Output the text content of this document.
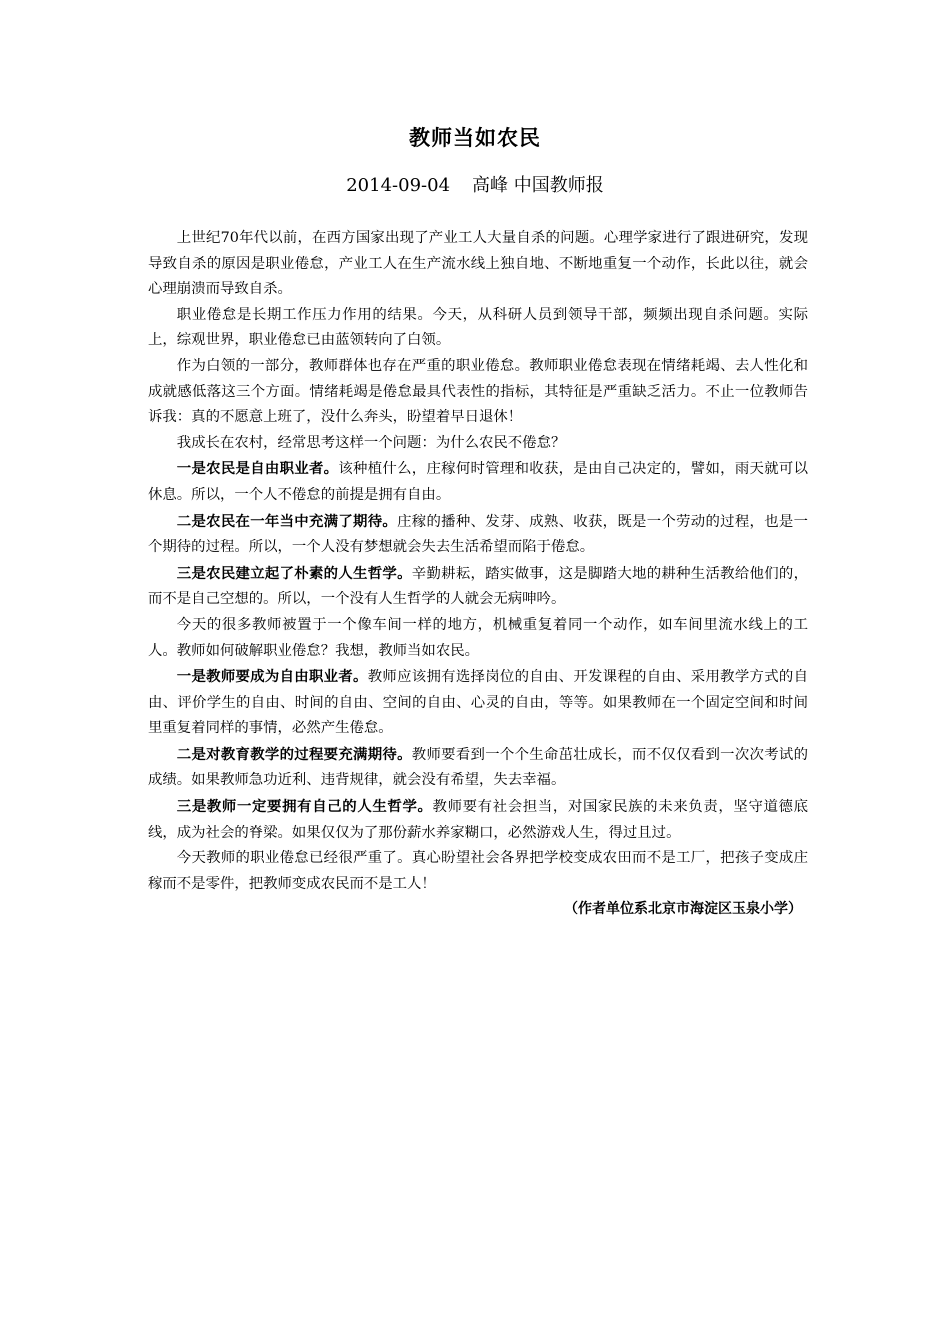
教师当如农民
2014-09-04 高峰 中国教师报

上世纪70年代以前，在西方国家出现了产业工人大量自杀的问题。心理学家进行了跟进研究，发现导致自杀的原因是职业倦怠，产业工人在生产流水线上独自地、不断地重复一个动作，长此以往，就会心理崩溃而导致自杀。

职业倦怠是长期工作压力作用的结果。今天，从科研人员到领导干部，频频出现自杀问题。实际上，综观世界，职业倦怠已由蓝领转向了白领。

作为白领的一部分，教师群体也存在严重的职业倦怠。教师职业倦怠表现在情绪耗竭、去人性化和成就感低落这三个方面。情绪耗竭是倦怠最具代表性的指标，其特征是严重缺乏活力。不止一位教师告诉我：真的不愿意上班了，没什么奔头，盼望着早日退休！

我成长在农村，经常思考这样一个问题：为什么农民不倦怠？

一是农民是自由职业者。该种植什么，庄稼何时管理和收获，是由自己决定的，譬如，雨天就可以休息。所以，一个人不倦怠的前提是拥有自由。

二是农民在一年当中充满了期待。庄稼的播种、发芽、成熟、收获，既是一个劳动的过程，也是一个期待的过程。所以，一个人没有梦想就会失去生活希望而陷于倦怠。

三是农民建立起了朴素的人生哲学。辛勤耕耘，踏实做事，这是脚踏大地的耕种生活教给他们的，而不是自己空想的。所以，一个没有人生哲学的人就会无病呻吟。

今天的很多教师被置于一个像车间一样的地方，机械重复着同一个动作，如车间里流水线上的工人。教师如何破解职业倦怠？我想，教师当如农民。

一是教师要成为自由职业者。教师应该拥有选择岗位的自由、开发课程的自由、采用教学方式的自由、评价学生的自由、时间的自由、空间的自由、心灵的自由，等等。如果教师在一个固定空间和时间里重复着同样的事情，必然产生倦怠。

二是对教育教学的过程要充满期待。教师要看到一个个生命茁壮成长，而不仅仅看到一次次考试的成绩。如果教师急功近利、违背规律，就会没有希望，失去幸福。

三是教师一定要拥有自己的人生哲学。教师要有社会担当，对国家民族的未来负责，坚守道德底线，成为社会的脊梁。如果仅仅为了那份薪水养家糊口，必然游戏人生，得过且过。

今天教师的职业倦怠已经很严重了。真心盼望社会各界把学校变成农田而不是工厂，把孩子变成庄稼而不是零件，把教师变成农民而不是工人！

（作者单位系北京市海淀区玉泉小学）
